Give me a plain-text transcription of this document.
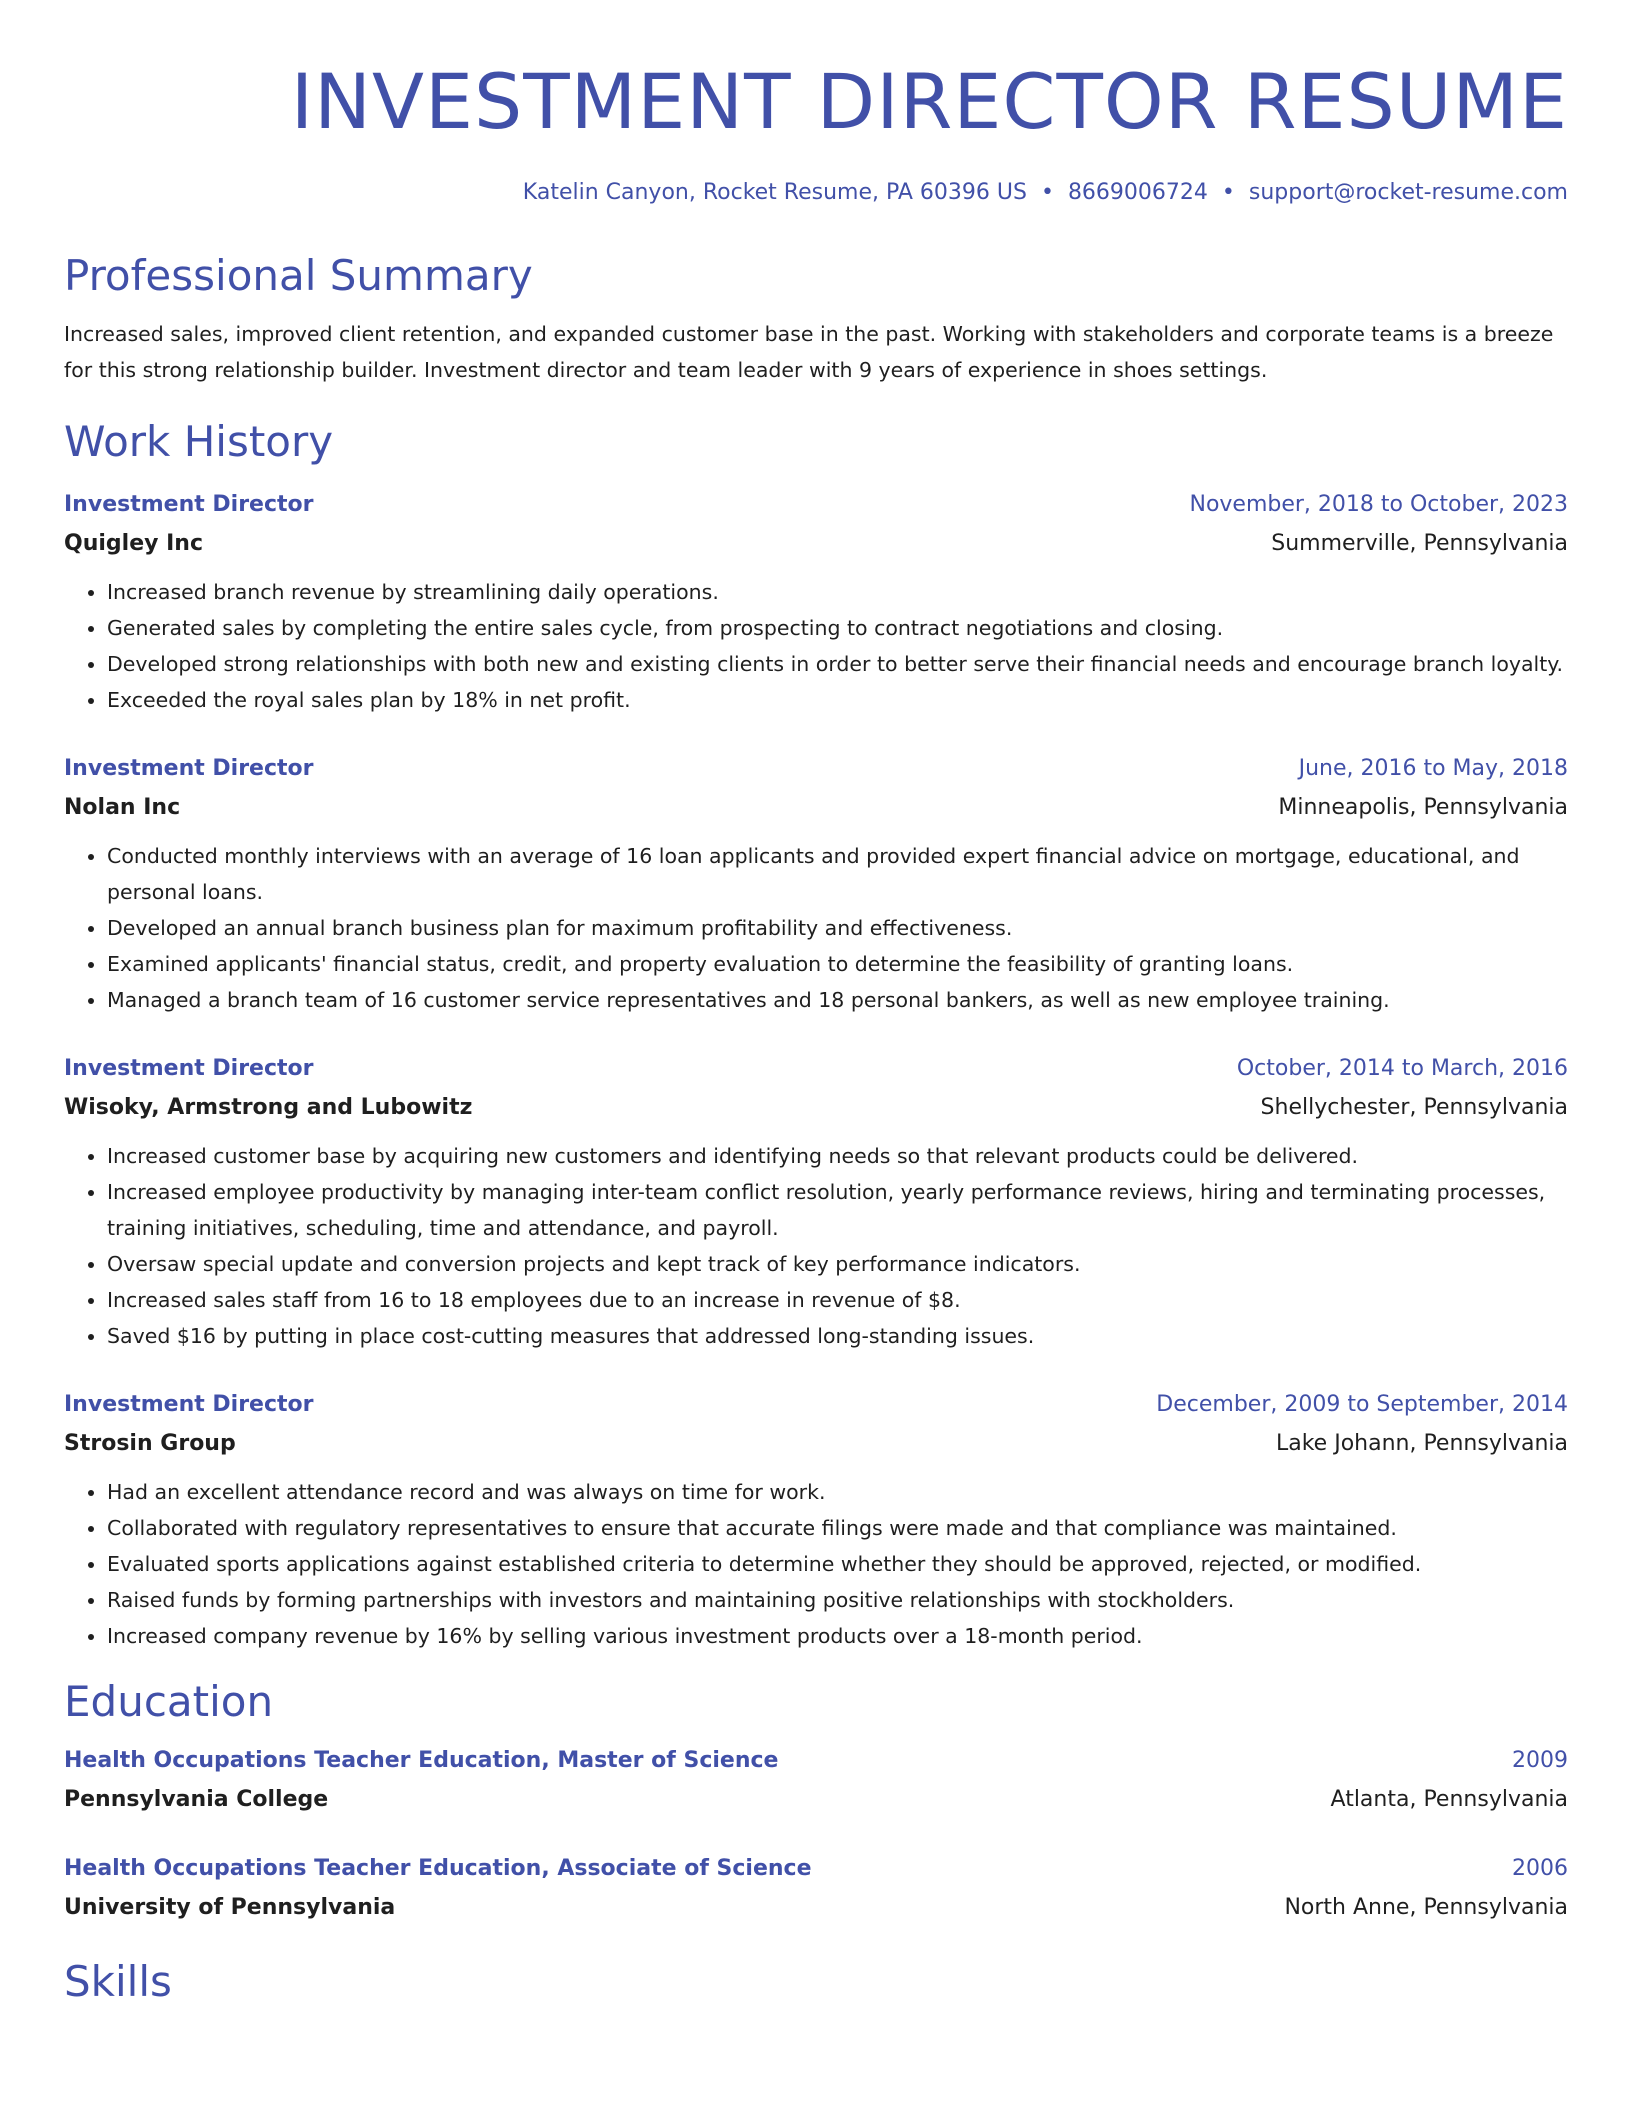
INVESTMENT DIRECTOR RESUME
Katelin Canyon, Rocket Resume, PA 60396 US • 8669006724 • support@rocket-resume.com
Professional Summary

Increased sales, improved client retention, and expanded customer base in the past. Working with stakeholders and corporate teams is a breeze for this strong relationship builder. Investment director and team leader with 9 years of experience in shoes settings.

Work History
Investment Director	November, 2018 to October, 2023
Quigley Inc	Summerville, Pennsylvania
• Increased branch revenue by streamlining daily operations.
• Generated sales by completing the entire sales cycle, from prospecting to contract negotiations and closing.
• Developed strong relationships with both new and existing clients in order to better serve their financial needs and encourage branch loyalty.
• Exceeded the royal sales plan by 18% in net profit.
Investment Director	June, 2016 to May, 2018
Nolan Inc	Minneapolis, Pennsylvania
• Conducted monthly interviews with an average of 16 loan applicants and provided expert financial advice on mortgage, educational, and personal loans.
• Developed an annual branch business plan for maximum profitability and effectiveness.
• Examined applicants' financial status, credit, and property evaluation to determine the feasibility of granting loans.
• Managed a branch team of 16 customer service representatives and 18 personal bankers, as well as new employee training.
Investment Director	October, 2014 to March, 2016
Wisoky, Armstrong and Lubowitz	Shellychester, Pennsylvania
• Increased customer base by acquiring new customers and identifying needs so that relevant products could be delivered.
• Increased employee productivity by managing inter-team conflict resolution, yearly performance reviews, hiring and terminating processes, training initiatives, scheduling, time and attendance, and payroll.
• Oversaw special update and conversion projects and kept track of key performance indicators.
• Increased sales staff from 16 to 18 employees due to an increase in revenue of $8.
• Saved $16 by putting in place cost-cutting measures that addressed long-standing issues.
Investment Director	December, 2009 to September, 2014
Strosin Group	Lake Johann, Pennsylvania
• Had an excellent attendance record and was always on time for work.
• Collaborated with regulatory representatives to ensure that accurate filings were made and that compliance was maintained.
• Evaluated sports applications against established criteria to determine whether they should be approved, rejected, or modified.
• Raised funds by forming partnerships with investors and maintaining positive relationships with stockholders.
• Increased company revenue by 16% by selling various investment products over a 18-month period.
Education
Health Occupations Teacher Education, Master of Science	2009
Pennsylvania College	Atlanta, Pennsylvania
Health Occupations Teacher Education, Associate of Science	2006
University of Pennsylvania	North Anne, Pennsylvania
Skills
